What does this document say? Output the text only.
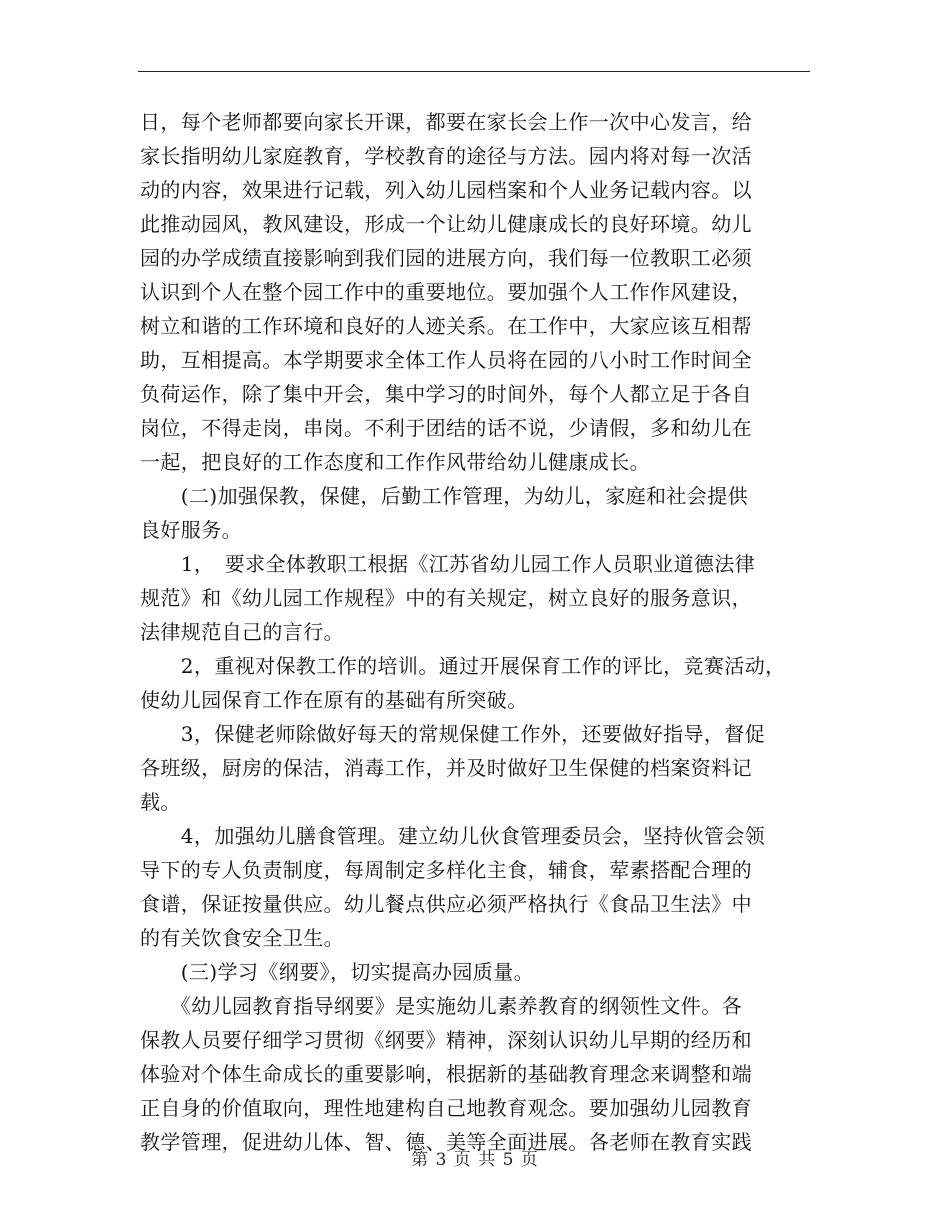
日，每个老师都要向家长开课，都要在家长会上作一次中心发言，给
家长指明幼儿家庭教育，学校教育的途径与方法。园内将对每一次活
动的内容，效果进行记载，列入幼儿园档案和个人业务记载内容。以
此推动园风，教风建设，形成一个让幼儿健康成长的良好环境。幼儿
园的办学成绩直接影响到我们园的进展方向，我们每一位教职工必须
认识到个人在整个园工作中的重要地位。要加强个人工作作风建设，
树立和谐的工作环境和良好的人迹关系。在工作中，大家应该互相帮
助，互相提高。本学期要求全体工作人员将在园的八小时工作时间全
负荷运作，除了集中开会，集中学习的时间外，每个人都立足于各自
岗位，不得走岗，串岗。不利于团结的话不说，少请假，多和幼儿在
一起，把良好的工作态度和工作作风带给幼儿健康成长。
　　(二)加强保教，保健，后勤工作管理，为幼儿，家庭和社会提供
良好服务。
　　1，　要求全体教职工根据《江苏省幼儿园工作人员职业道德法律
规范》和《幼儿园工作规程》中的有关规定，树立良好的服务意识，
法律规范自己的言行。
　　2，重视对保教工作的培训。通过开展保育工作的评比，竞赛活动，
使幼儿园保育工作在原有的基础有所突破。
　　3，保健老师除做好每天的常规保健工作外，还要做好指导，督促
各班级，厨房的保洁，消毒工作，并及时做好卫生保健的档案资料记
载。
　　4，加强幼儿膳食管理。建立幼儿伙食管理委员会，坚持伙管会领
导下的专人负责制度，每周制定多样化主食，辅食，荤素搭配合理的
食谱，保证按量供应。幼儿餐点供应必须严格执行《食品卫生法》中
的有关饮食安全卫生。
　　(三)学习《纲要》，切实提高办园质量。
　　《幼儿园教育指导纲要》是实施幼儿素养教育的纲领性文件。各
保教人员要仔细学习贯彻《纲要》精神，深刻认识幼儿早期的经历和
体验对个体生命成长的重要影响，根据新的基础教育理念来调整和端
正自身的价值取向，理性地建构自己地教育观念。要加强幼儿园教育
教学管理，促进幼儿体、智、德、美等全面进展。各老师在教育实践
第 3 页 共 5 页
